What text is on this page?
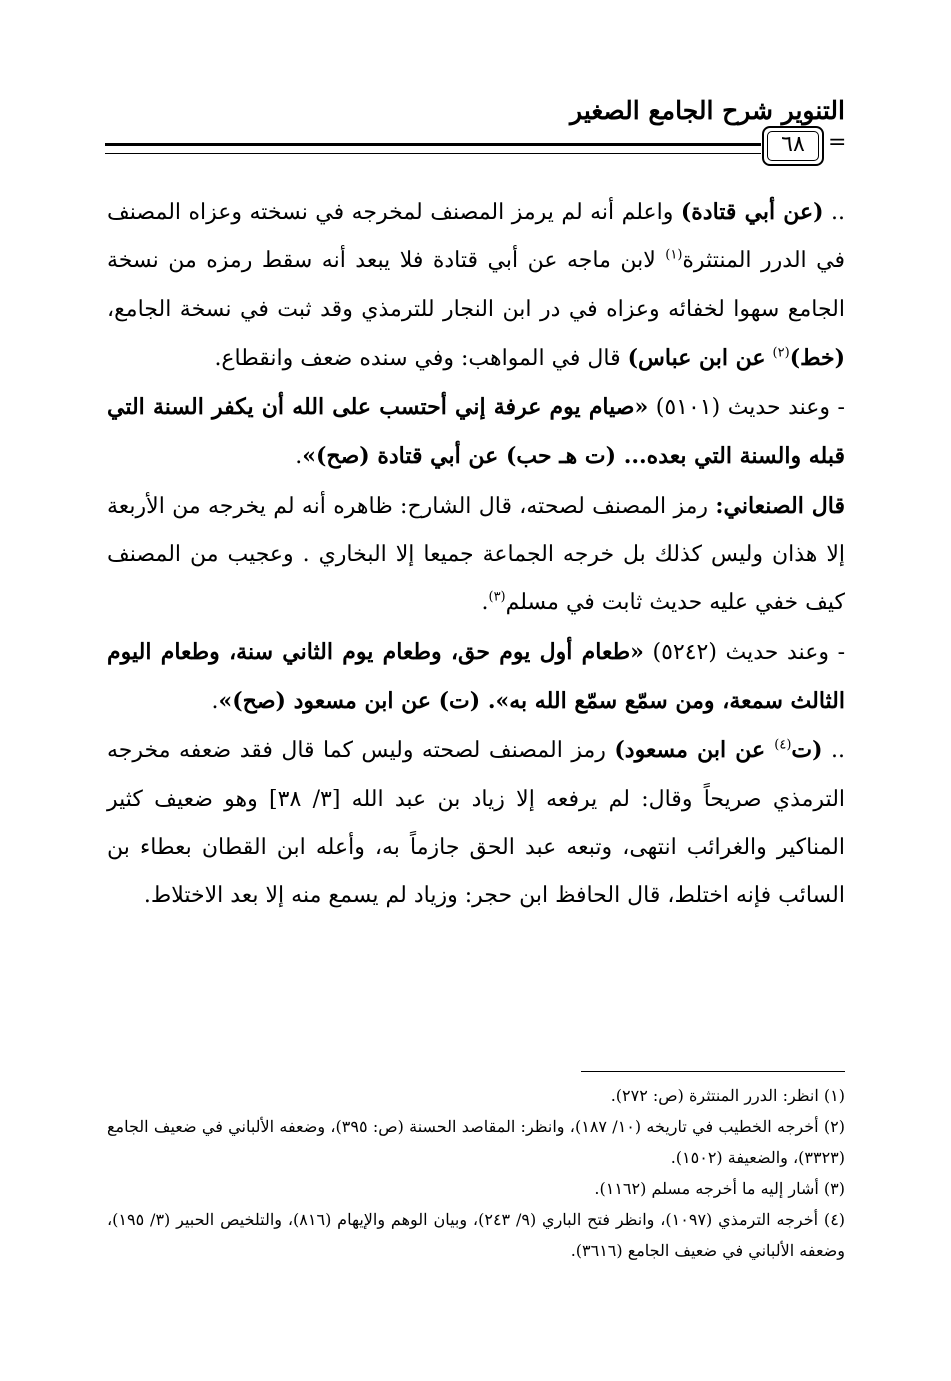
التنوير شرح الجامع الصغير
٦٨	=

.. (عن أبي قتادة) واعلم أنه لم يرمز المصنف لمخرجه في نسخته وعزاه المصنف في الدرر المنتثرة$^{(١)}$ لابن ماجه عن أبي قتادة فلا يبعد أنه سقط رمزه من نسخة الجامع سهوا لخفائه وعزاه في در ابن النجار للترمذي وقد ثبت في نسخة الجامع، (خط)$^{(٢)}$ عن ابن عباس) قال في المواهب: وفي سنده ضعف وانقطاع.

- وعند حديث (٥١٠١) «صيام يوم عرفة إني أحتسب على الله أن يكفر السنة التي قبله والسنة التي بعده... (ت هـ حب) عن أبي قتادة (صح)».

قال الصنعاني: رمز المصنف لصحته، قال الشارح: ظاهره أنه لم يخرجه من الأربعة إلا هذان وليس كذلك بل خرجه الجماعة جميعا إلا البخاري . وعجيب من المصنف كيف خفي عليه حديث ثابت في مسلم$^{(٣)}$.

- وعند حديث (٥٢٤٢) «طعام أول يوم حق، وطعام يوم الثاني سنة، وطعام اليوم الثالث سمعة، ومن سمّع سمّع الله به». (ت) عن ابن مسعود (صح)».

.. (ت$^{(٤)}$ عن ابن مسعود) رمز المصنف لصحته وليس كما قال فقد ضعفه مخرجه الترمذي صريحاً وقال: لم يرفعه إلا زياد بن عبد الله [٣/ ٣٨] وهو ضعيف كثير المناكير والغرائب انتهى، وتبعه عبد الحق جازماً به، وأعله ابن القطان بعطاء بن السائب فإنه اختلط، قال الحافظ ابن حجر: وزياد لم يسمع منه إلا بعد الاختلاط.

(١) انظر: الدرر المنتثرة (ص: ٢٧٢).

(٢) أخرجه الخطيب في تاريخه (١٠/ ١٨٧)، وانظر: المقاصد الحسنة (ص: ٣٩٥)، وضعفه الألباني في ضعيف الجامع (٣٣٢٣)، والضعيفة (١٥٠٢).

(٣) أشار إليه ما أخرجه مسلم (١١٦٢).

(٤) أخرجه الترمذي (١٠٩٧)، وانظر فتح الباري (٩/ ٢٤٣)، وبيان الوهم والإيهام (٨١٦)، والتلخيص الحبير (٣/ ١٩٥)، وضعفه الألباني في ضعيف الجامع (٣٦١٦).
